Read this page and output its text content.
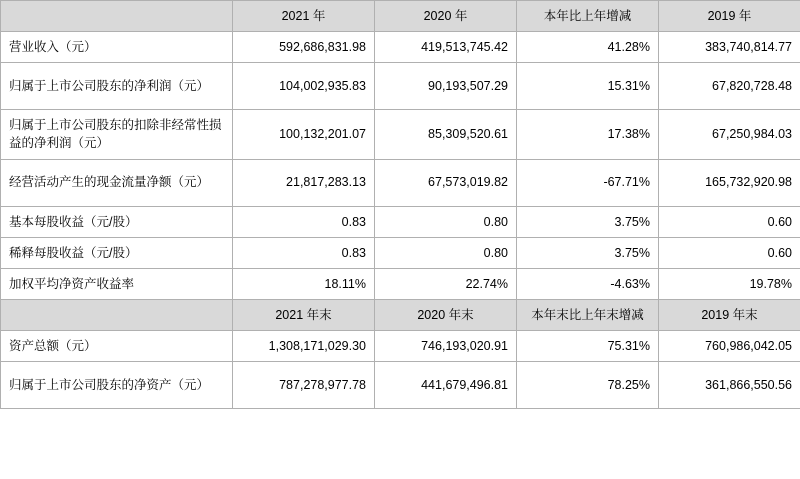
	2021 年	2020 年	本年比上年增减	2019 年
营业收入（元）	592,686,831.98	419,513,745.42	41.28%	383,740,814.77
归属于上市公司股东的净利润（元）	104,002,935.83	90,193,507.29	15.31%	67,820,728.48
归属于上市公司股东的扣除非经常性损益的净利润（元）	100,132,201.07	85,309,520.61	17.38%	67,250,984.03
经营活动产生的现金流量净额（元）	21,817,283.13	67,573,019.82	-67.71%	165,732,920.98
基本每股收益（元/股）	0.83	0.80	3.75%	0.60
稀释每股收益（元/股）	0.83	0.80	3.75%	0.60
加权平均净资产收益率	18.11%	22.74%	-4.63%	19.78%
	2021 年末	2020 年末	本年末比上年末增减	2019 年末
资产总额（元）	1,308,171,029.30	746,193,020.91	75.31%	760,986,042.05
归属于上市公司股东的净资产（元）	787,278,977.78	441,679,496.81	78.25%	361,866,550.56
